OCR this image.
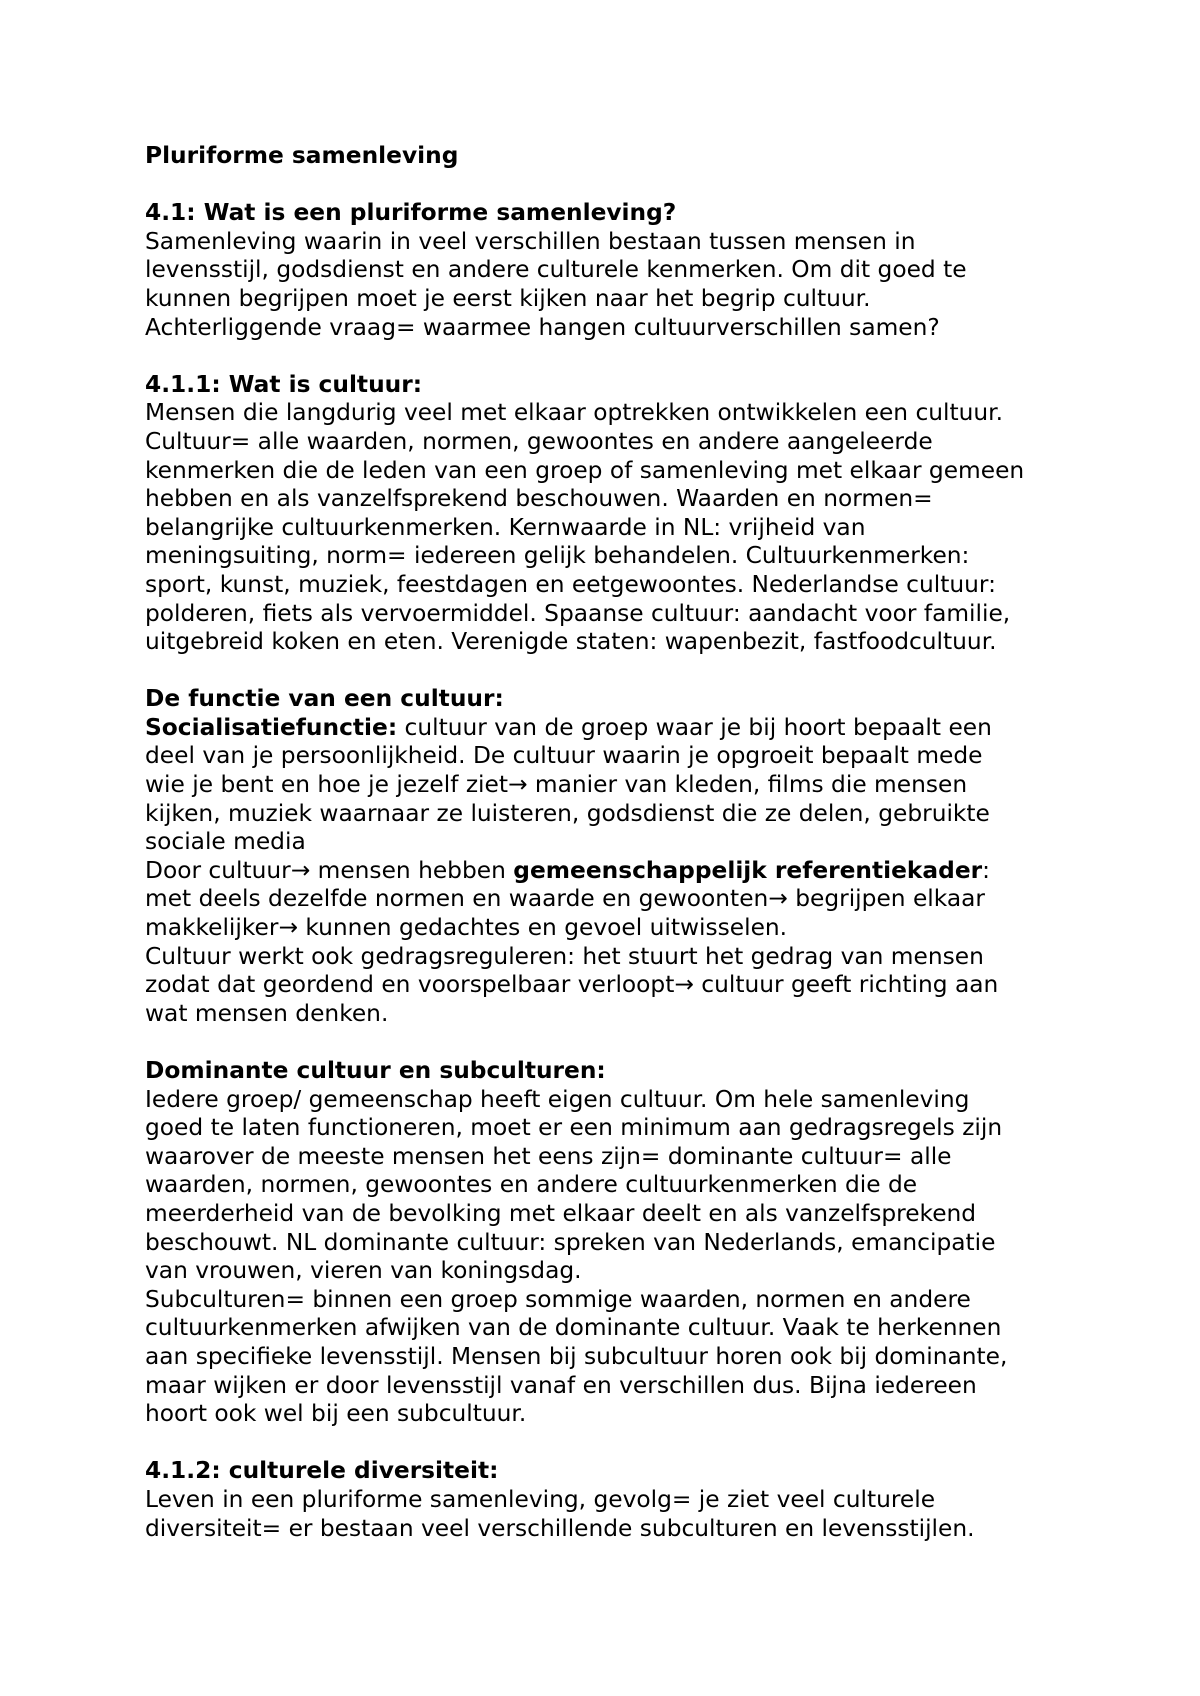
Pluriforme samenleving

4.1: Wat is een pluriforme samenleving?

Samenleving waarin in veel verschillen bestaan tussen mensen in

levensstijl, godsdienst en andere culturele kenmerken. Om dit goed te

kunnen begrijpen moet je eerst kijken naar het begrip cultuur.

Achterliggende vraag= waarmee hangen cultuurverschillen samen?

4.1.1: Wat is cultuur:

Mensen die langdurig veel met elkaar optrekken ontwikkelen een cultuur.

Cultuur= alle waarden, normen, gewoontes en andere aangeleerde

kenmerken die de leden van een groep of samenleving met elkaar gemeen

hebben en als vanzelfsprekend beschouwen. Waarden en normen=

belangrijke cultuurkenmerken. Kernwaarde in NL: vrijheid van

meningsuiting, norm= iedereen gelijk behandelen. Cultuurkenmerken:

sport, kunst, muziek, feestdagen en eetgewoontes. Nederlandse cultuur:

polderen, fiets als vervoermiddel. Spaanse cultuur: aandacht voor familie,

uitgebreid koken en eten. Verenigde staten: wapenbezit, fastfoodcultuur.

De functie van een cultuur:

Socialisatiefunctie: cultuur van de groep waar je bij hoort bepaalt een

deel van je persoonlijkheid. De cultuur waarin je opgroeit bepaalt mede

wie je bent en hoe je jezelf ziet→ manier van kleden, films die mensen

kijken, muziek waarnaar ze luisteren, godsdienst die ze delen, gebruikte

sociale media

Door cultuur→ mensen hebben gemeenschappelijk referentiekader:

met deels dezelfde normen en waarde en gewoonten→ begrijpen elkaar

makkelijker→ kunnen gedachtes en gevoel uitwisselen.

Cultuur werkt ook gedragsreguleren: het stuurt het gedrag van mensen

zodat dat geordend en voorspelbaar verloopt→ cultuur geeft richting aan

wat mensen denken.

Dominante cultuur en subculturen:

Iedere groep/ gemeenschap heeft eigen cultuur. Om hele samenleving

goed te laten functioneren, moet er een minimum aan gedragsregels zijn

waarover de meeste mensen het eens zijn= dominante cultuur= alle

waarden, normen, gewoontes en andere cultuurkenmerken die de

meerderheid van de bevolking met elkaar deelt en als vanzelfsprekend

beschouwt. NL dominante cultuur: spreken van Nederlands, emancipatie

van vrouwen, vieren van koningsdag.

Subculturen= binnen een groep sommige waarden, normen en andere

cultuurkenmerken afwijken van de dominante cultuur. Vaak te herkennen

aan specifieke levensstijl. Mensen bij subcultuur horen ook bij dominante,

maar wijken er door levensstijl vanaf en verschillen dus. Bijna iedereen

hoort ook wel bij een subcultuur.

4.1.2: culturele diversiteit:

Leven in een pluriforme samenleving, gevolg= je ziet veel culturele

diversiteit= er bestaan veel verschillende subculturen en levensstijlen.
